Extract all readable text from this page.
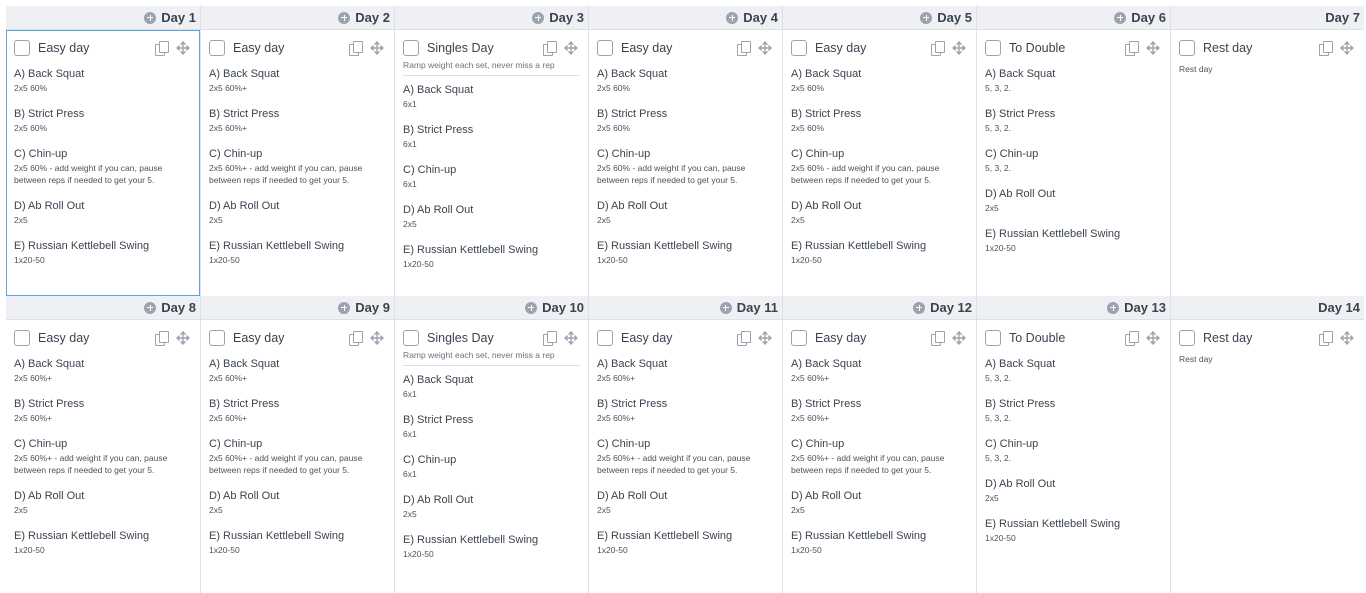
Day 1
Easy day
A) Back Squat
2x5 60%
B) Strict Press
2x5 60%
C) Chin-up
2x5 60% - add weight if you can, pause between reps if needed to get your 5.
D) Ab Roll Out
2x5
E) Russian Kettlebell Swing
1x20-50
Day 2
Easy day
A) Back Squat
2x5 60%+
B) Strict Press
2x5 60%+
C) Chin-up
2x5 60%+ - add weight if you can, pause between reps if needed to get your 5.
D) Ab Roll Out
2x5
E) Russian Kettlebell Swing
1x20-50
Day 3
Singles Day
Ramp weight each set, never miss a rep
A) Back Squat
6x1
B) Strict Press
6x1
C) Chin-up
6x1
D) Ab Roll Out
2x5
E) Russian Kettlebell Swing
1x20-50
Day 4
Easy day
A) Back Squat
2x5 60%
B) Strict Press
2x5 60%
C) Chin-up
2x5 60% - add weight if you can, pause between reps if needed to get your 5.
D) Ab Roll Out
2x5
E) Russian Kettlebell Swing
1x20-50
Day 5
Easy day
A) Back Squat
2x5 60%
B) Strict Press
2x5 60%
C) Chin-up
2x5 60% - add weight if you can, pause between reps if needed to get your 5.
D) Ab Roll Out
2x5
E) Russian Kettlebell Swing
1x20-50
Day 6
To Double
A) Back Squat
5, 3, 2.
B) Strict Press
5, 3, 2.
C) Chin-up
5, 3, 2.
D) Ab Roll Out
2x5
E) Russian Kettlebell Swing
1x20-50
Day 7
Rest day
Rest day
Day 8
Easy day
A) Back Squat
2x5 60%+
B) Strict Press
2x5 60%+
C) Chin-up
2x5 60%+ - add weight if you can, pause between reps if needed to get your 5.
D) Ab Roll Out
2x5
E) Russian Kettlebell Swing
1x20-50
Day 9
Easy day
A) Back Squat
2x5 60%+
B) Strict Press
2x5 60%+
C) Chin-up
2x5 60%+ - add weight if you can, pause between reps if needed to get your 5.
D) Ab Roll Out
2x5
E) Russian Kettlebell Swing
1x20-50
Day 10
Singles Day
Ramp weight each set, never miss a rep
A) Back Squat
6x1
B) Strict Press
6x1
C) Chin-up
6x1
D) Ab Roll Out
2x5
E) Russian Kettlebell Swing
1x20-50
Day 11
Easy day
A) Back Squat
2x5 60%+
B) Strict Press
2x5 60%+
C) Chin-up
2x5 60%+ - add weight if you can, pause between reps if needed to get your 5.
D) Ab Roll Out
2x5
E) Russian Kettlebell Swing
1x20-50
Day 12
Easy day
A) Back Squat
2x5 60%+
B) Strict Press
2x5 60%+
C) Chin-up
2x5 60%+ - add weight if you can, pause between reps if needed to get your 5.
D) Ab Roll Out
2x5
E) Russian Kettlebell Swing
1x20-50
Day 13
To Double
A) Back Squat
5, 3, 2.
B) Strict Press
5, 3, 2.
C) Chin-up
5, 3, 2.
D) Ab Roll Out
2x5
E) Russian Kettlebell Swing
1x20-50
Day 14
Rest day
Rest day
